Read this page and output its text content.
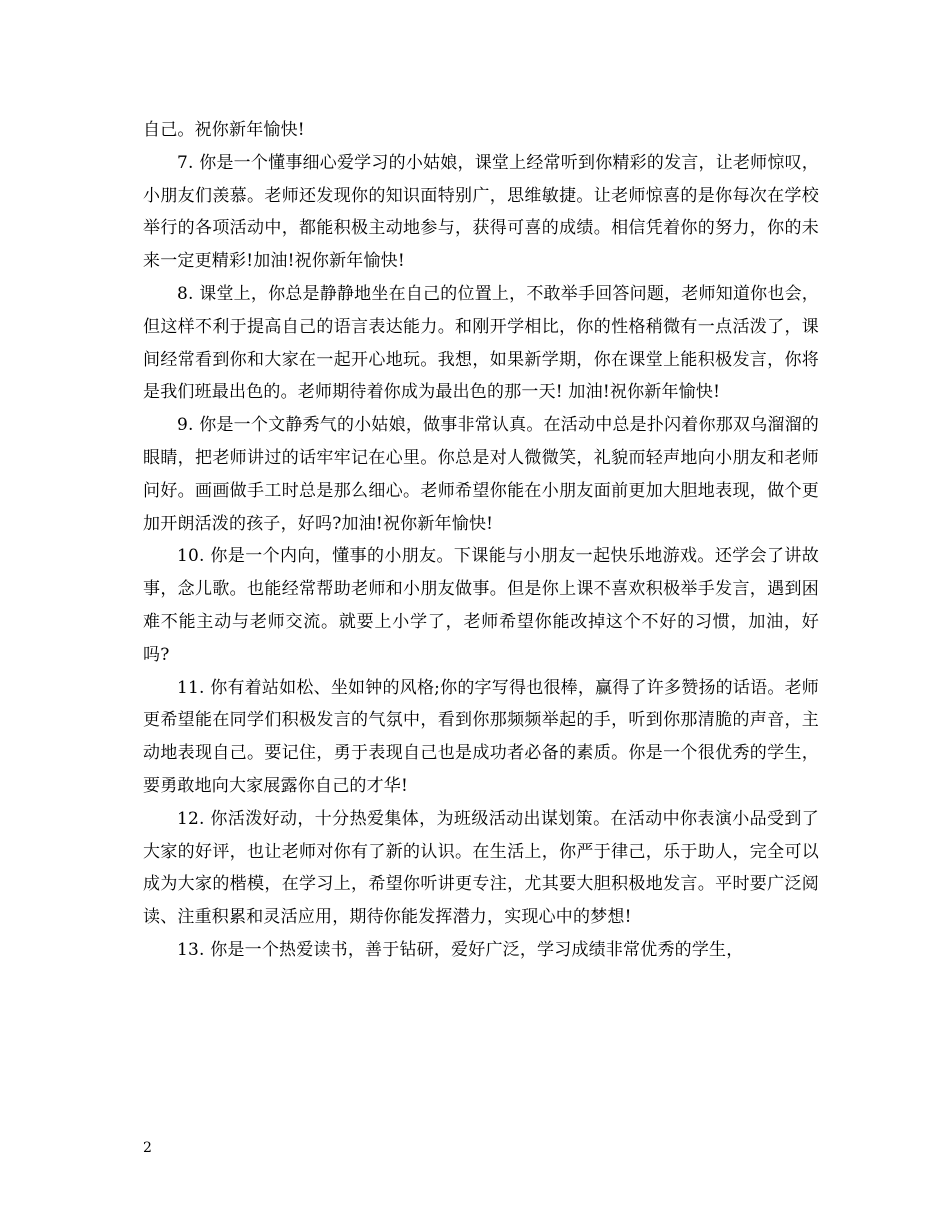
自己。祝你新年愉快!

7. 你是一个懂事细心爱学习的小姑娘，课堂上经常听到你精彩的发言，让老师惊叹，小朋友们羡慕。老师还发现你的知识面特别广，思维敏捷。让老师惊喜的是你每次在学校举行的各项活动中，都能积极主动地参与，获得可喜的成绩。相信凭着你的努力，你的未来一定更精彩!加油!祝你新年愉快!

8. 课堂上，你总是静静地坐在自己的位置上，不敢举手回答问题，老师知道你也会，但这样不利于提高自己的语言表达能力。和刚开学相比，你的性格稍微有一点活泼了，课间经常看到你和大家在一起开心地玩。我想，如果新学期，你在课堂上能积极发言，你将是我们班最出色的。老师期待着你成为最出色的那一天! 加油!祝你新年愉快!

9. 你是一个文静秀气的小姑娘，做事非常认真。在活动中总是扑闪着你那双乌溜溜的眼睛，把老师讲过的话牢牢记在心里。你总是对人微微笑，礼貌而轻声地向小朋友和老师问好。画画做手工时总是那么细心。老师希望你能在小朋友面前更加大胆地表现，做个更加开朗活泼的孩子，好吗?加油!祝你新年愉快!

10. 你是一个内向，懂事的小朋友。下课能与小朋友一起快乐地游戏。还学会了讲故事，念儿歌。也能经常帮助老师和小朋友做事。但是你上课不喜欢积极举手发言，遇到困难不能主动与老师交流。就要上小学了，老师希望你能改掉这个不好的习惯，加油，好吗?

11. 你有着站如松、坐如钟的风格;你的字写得也很棒，赢得了许多赞扬的话语。老师更希望能在同学们积极发言的气氛中，看到你那频频举起的手，听到你那清脆的声音，主动地表现自己。要记住，勇于表现自己也是成功者必备的素质。你是一个很优秀的学生，要勇敢地向大家展露你自己的才华!

12. 你活泼好动，十分热爱集体，为班级活动出谋划策。在活动中你表演小品受到了大家的好评，也让老师对你有了新的认识。在生活上，你严于律己，乐于助人，完全可以成为大家的楷模，在学习上，希望你听讲更专注，尤其要大胆积极地发言。平时要广泛阅读、注重积累和灵活应用，期待你能发挥潜力，实现心中的梦想!

13. 你是一个热爱读书，善于钻研，爱好广泛，学习成绩非常优秀的学生，

2
